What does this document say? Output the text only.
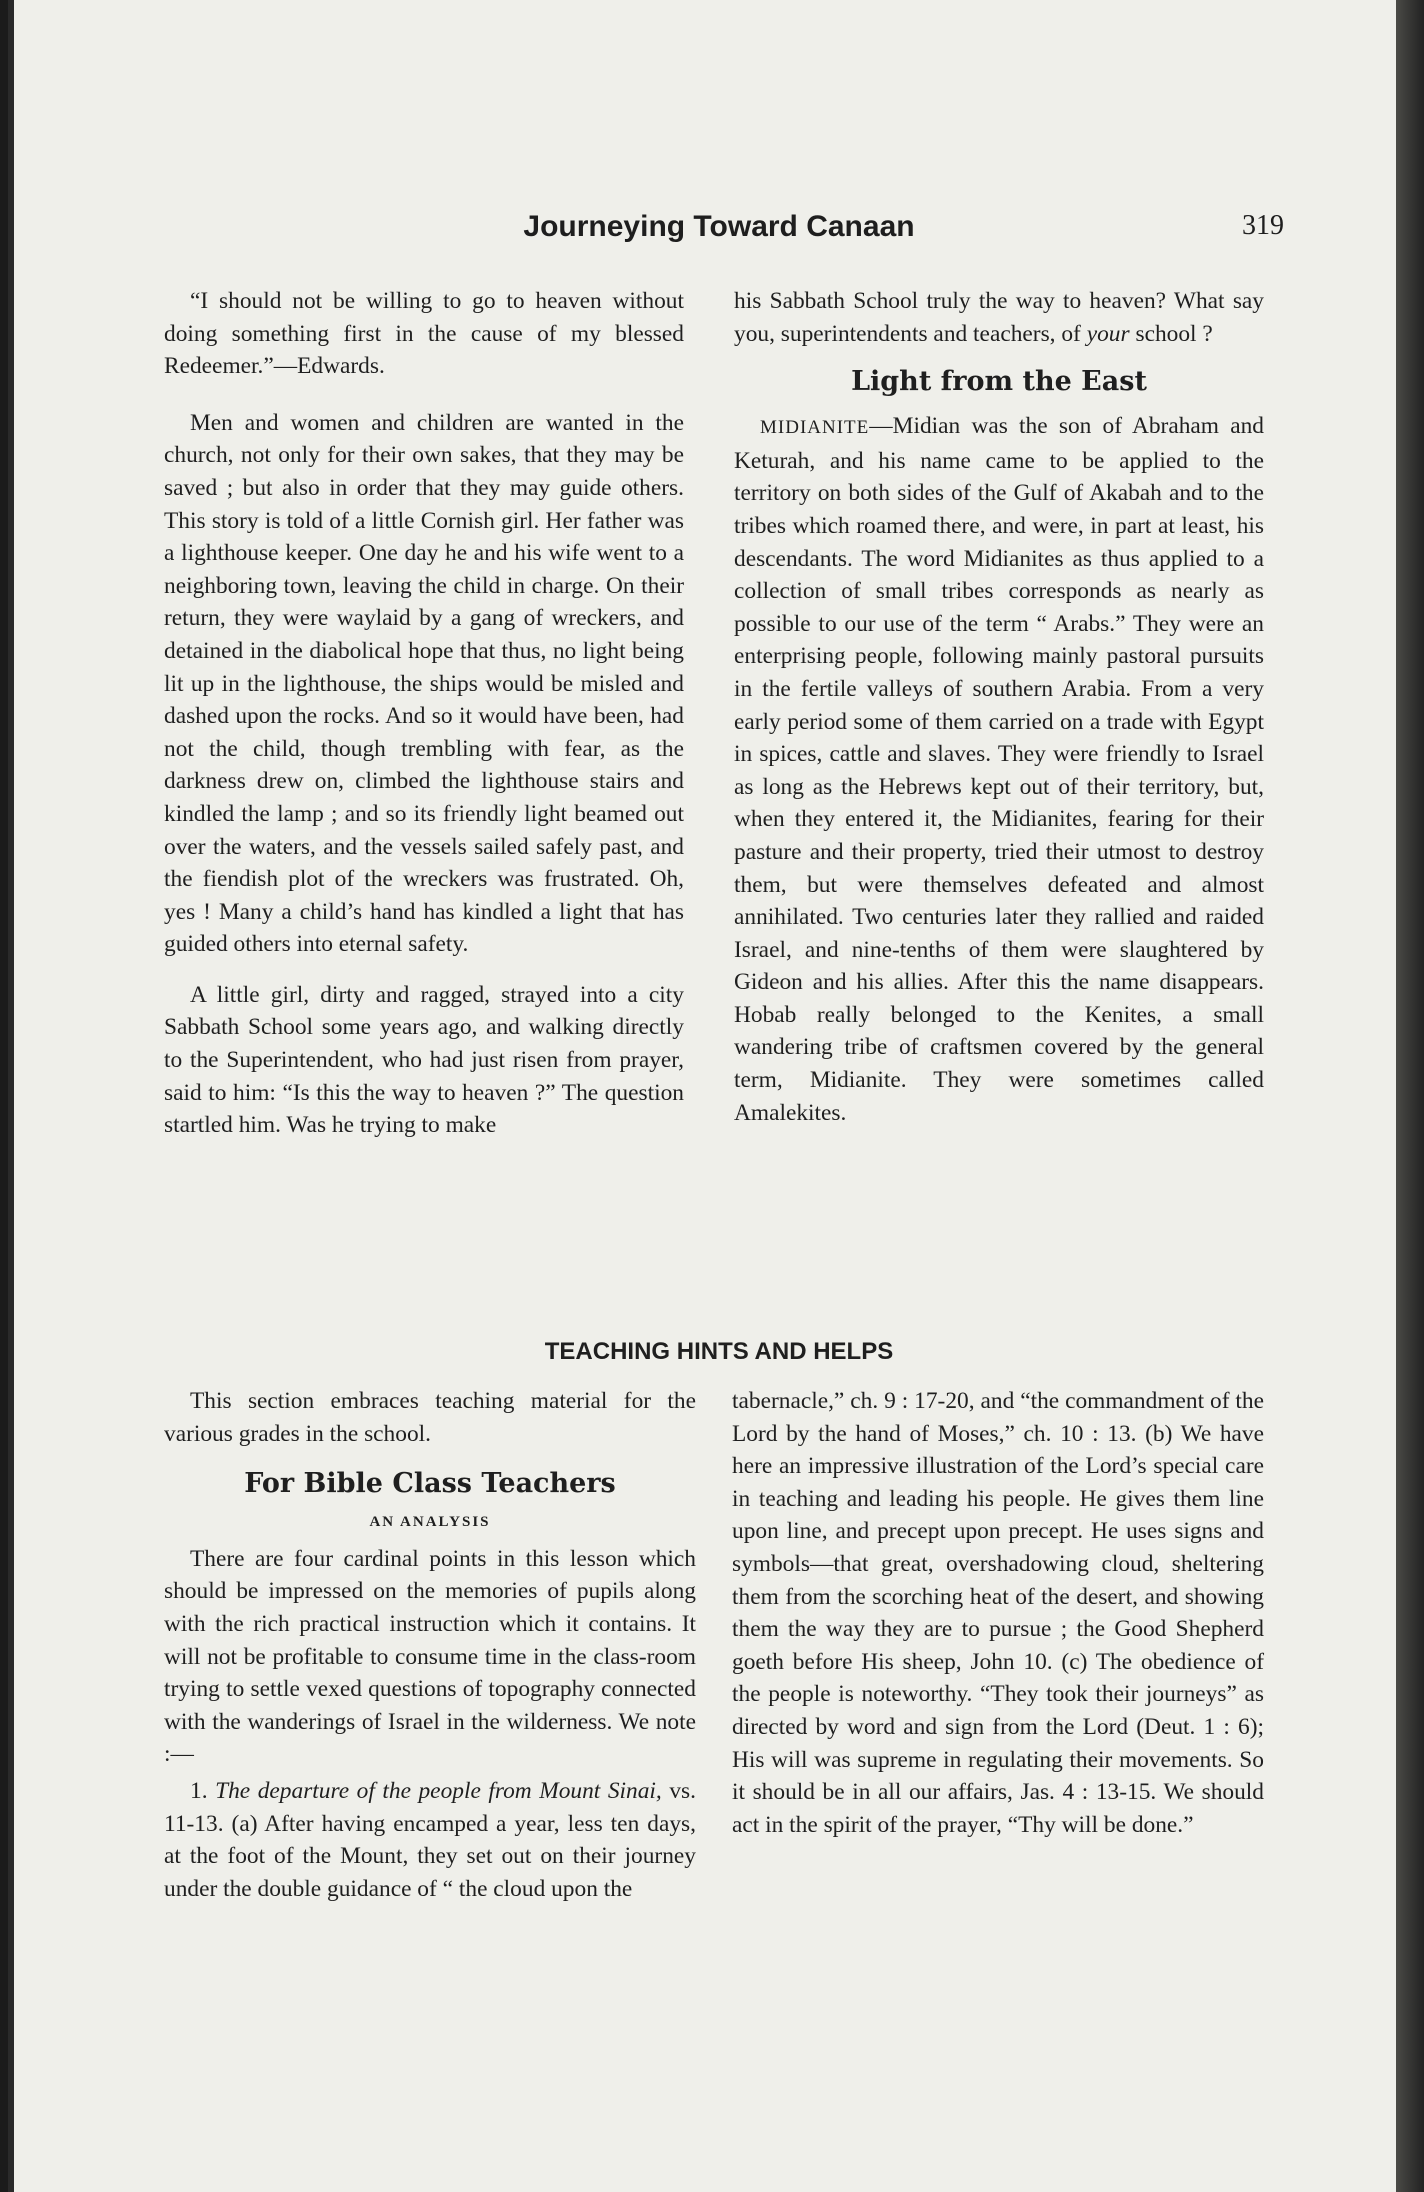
Journeying Toward Canaan	319

“I should not be willing to go to heaven without doing something first in the cause of my blessed Redeemer.”—Edwards.

Men and women and children are wanted in the church, not only for their own sakes, that they may be saved ; but also in order that they may guide others. This story is told of a little Cornish girl. Her father was a lighthouse keeper. One day he and his wife went to a neighboring town, leaving the child in charge. On their return, they were waylaid by a gang of wreckers, and detained in the diabolical hope that thus, no light being lit up in the lighthouse, the ships would be misled and dashed upon the rocks. And so it would have been, had not the child, though trembling with fear, as the darkness drew on, climbed the lighthouse stairs and kindled the lamp ; and so its friendly light beamed out over the waters, and the vessels sailed safely past, and the fiendish plot of the wreckers was frustrated. Oh, yes ! Many a child’s hand has kindled a light that has guided others into eternal safety.

A little girl, dirty and ragged, strayed into a city Sabbath School some years ago, and walking directly to the Superintendent, who had just risen from prayer, said to him: “Is this the way to heaven ?” The question startled him. Was he trying to make

his Sabbath School truly the way to heaven? What say you, superintendents and teachers, of your school ?

Light from the East

MIDIANITE—Midian was the son of Abraham and Keturah, and his name came to be applied to the territory on both sides of the Gulf of Akabah and to the tribes which roamed there, and were, in part at least, his descendants. The word Midianites as thus applied to a collection of small tribes corresponds as nearly as possible to our use of the term “ Arabs.” They were an enterprising people, following mainly pastoral pursuits in the fertile valleys of southern Arabia. From a very early period some of them carried on a trade with Egypt in spices, cattle and slaves. They were friendly to Israel as long as the Hebrews kept out of their territory, but, when they entered it, the Midianites, fearing for their pasture and their property, tried their utmost to destroy them, but were themselves defeated and almost annihilated. Two centuries later they rallied and raided Israel, and nine-tenths of them were slaughtered by Gideon and his allies. After this the name disappears. Hobab really belonged to the Kenites, a small wandering tribe of craftsmen covered by the general term, Midianite. They were sometimes called Amalekites.

TEACHING HINTS AND HELPS

This section embraces teaching material for the various grades in the school.

For Bible Class Teachers
AN ANALYSIS

There are four cardinal points in this lesson which should be impressed on the memories of pupils along with the rich practical instruction which it contains. It will not be profitable to consume time in the class-room trying to settle vexed questions of topography connected with the wanderings of Israel in the wilderness. We note :—

1. The departure of the people from Mount Sinai, vs. 11-13. (a) After having encamped a year, less ten days, at the foot of the Mount, they set out on their journey under the double guidance of “ the cloud upon the

tabernacle,” ch. 9 : 17-20, and “the commandment of the Lord by the hand of Moses,” ch. 10 : 13. (b) We have here an impressive illustration of the Lord’s special care in teaching and leading his people. He gives them line upon line, and precept upon precept. He uses signs and symbols—that great, overshadowing cloud, sheltering them from the scorching heat of the desert, and showing them the way they are to pursue ; the Good Shepherd goeth before His sheep, John 10. (c) The obedience of the people is noteworthy. “They took their journeys” as directed by word and sign from the Lord (Deut. 1 : 6); His will was supreme in regulating their movements. So it should be in all our affairs, Jas. 4 : 13-15. We should act in the spirit of the prayer, “Thy will be done.”
